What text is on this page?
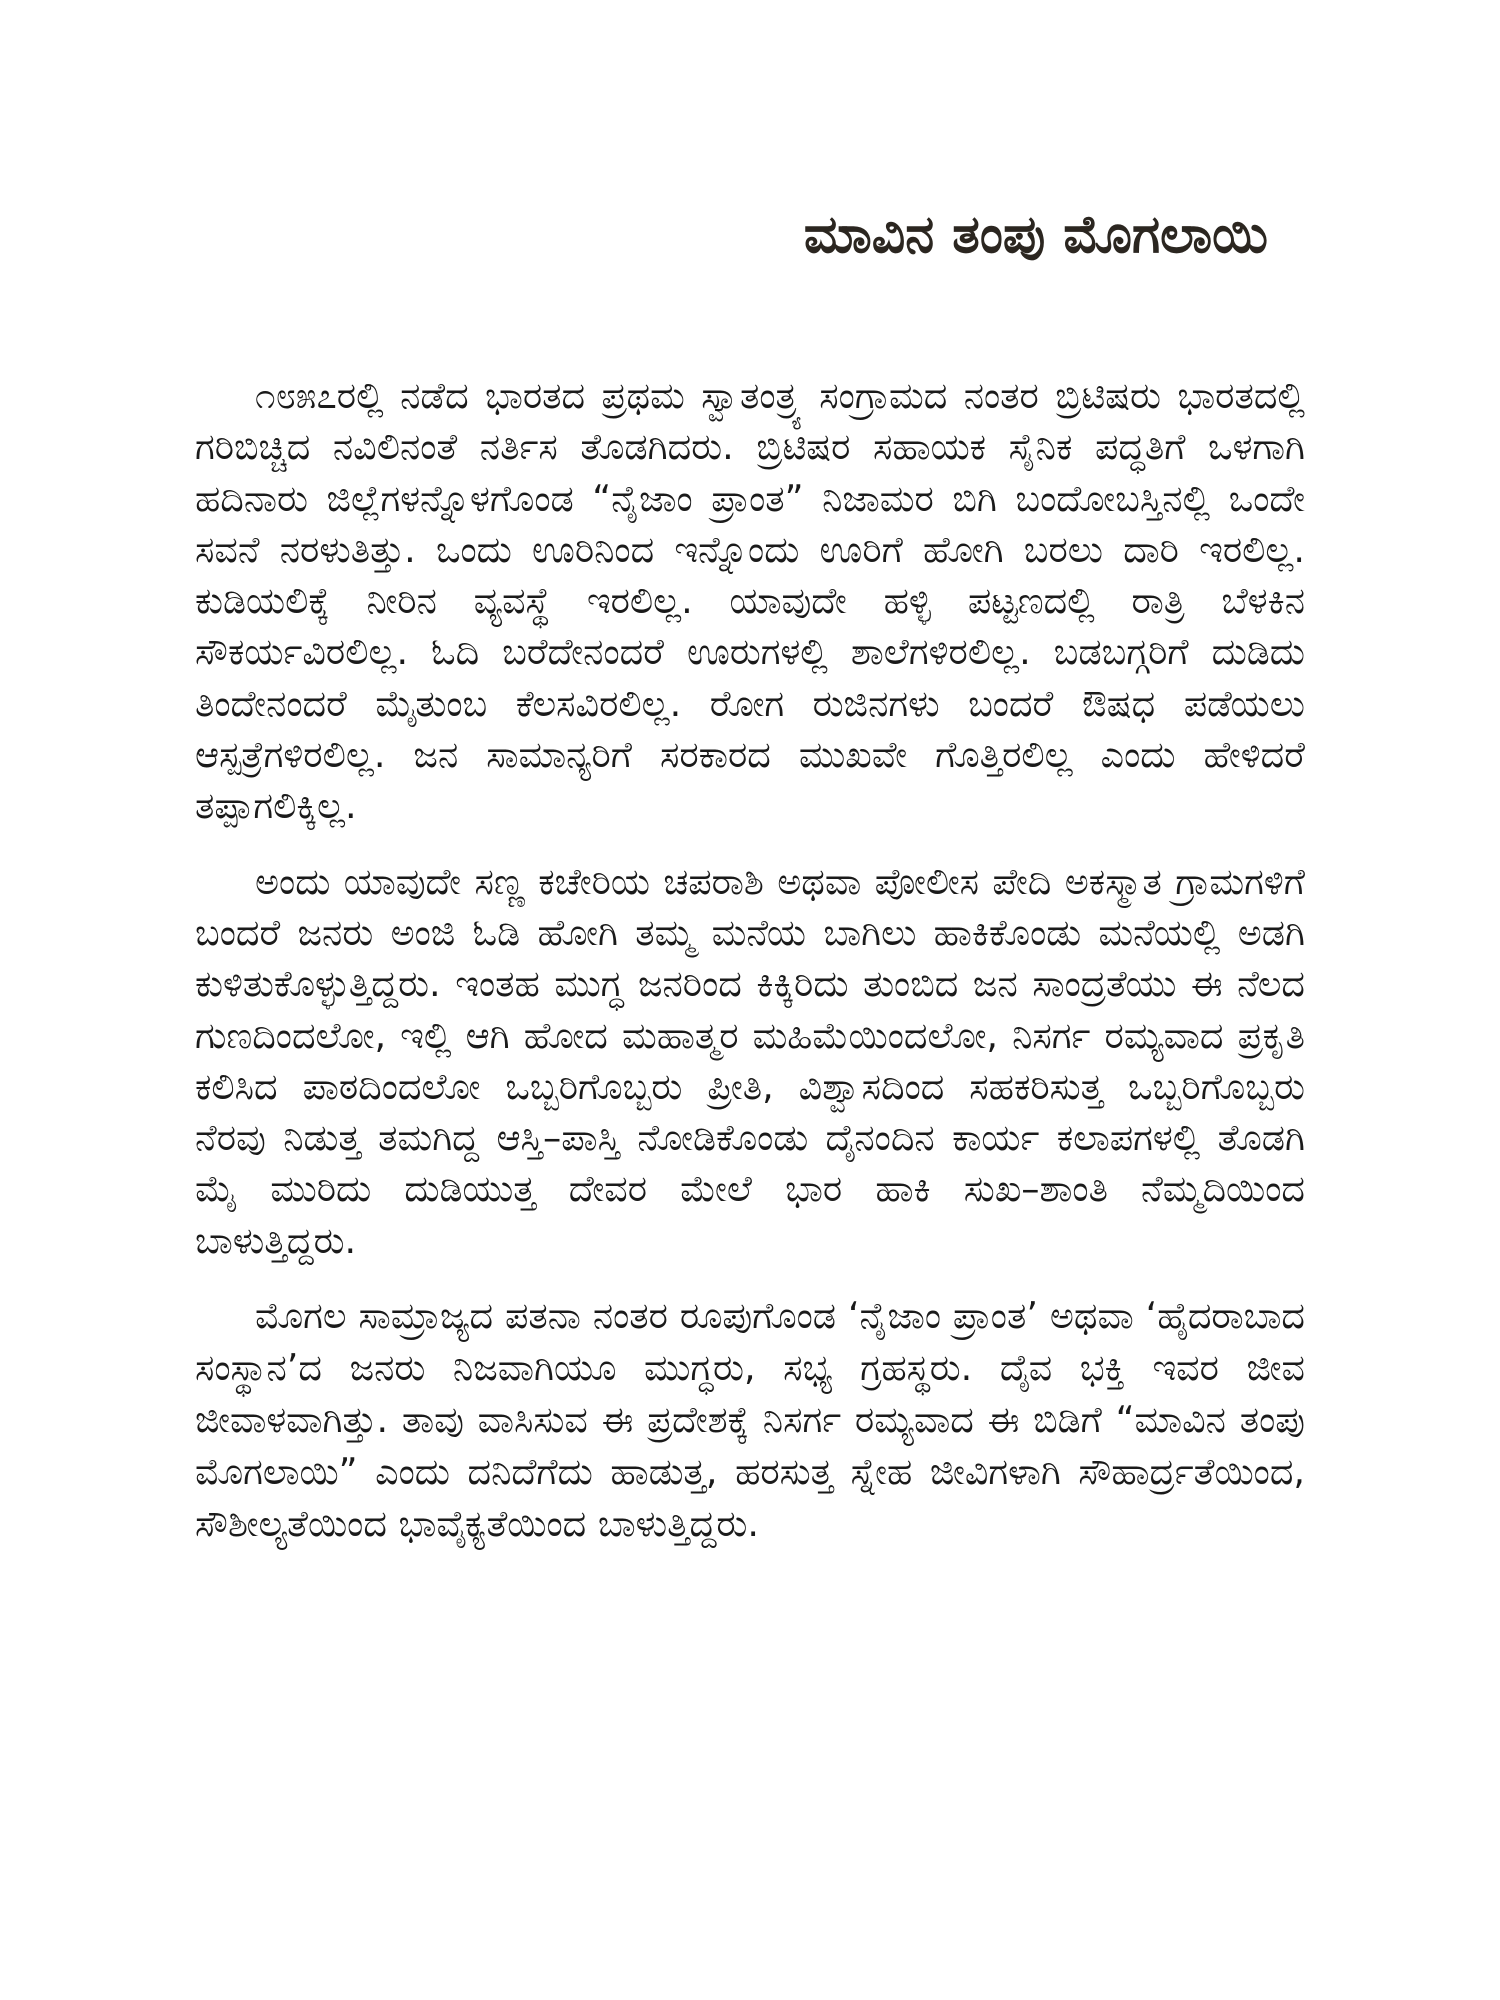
ಮಾವಿನ ತಂಪು ಮೊಗಲಾಯಿ

೧೮೫೭ರಲ್ಲಿ ನಡೆದ ಭಾರತದ ಪ್ರಥಮ ಸ್ವಾತಂತ್ರ್ಯ ಸಂಗ್ರಾಮದ ನಂತರ ಬ್ರಿಟಿಷರು ಭಾರತದಲ್ಲಿ ಗರಿಬಿಚ್ಚಿದ ನವಿಲಿನಂತೆ ನರ್ತಿಸ ತೊಡಗಿದರು. ಬ್ರಿಟಿಷರ ಸಹಾಯಕ ಸೈನಿಕ ಪದ್ಧತಿಗೆ ಒಳಗಾಗಿ ಹದಿನಾರು ಜಿಲ್ಲೆಗಳನ್ನೊಳಗೊಂಡ “ನೈಜಾಂ ಪ್ರಾಂತ” ನಿಜಾಮರ ಬಿಗಿ ಬಂದೋಬಸ್ತಿನಲ್ಲಿ ಒಂದೇ ಸವನೆ ನರಳುತಿತ್ತು. ಒಂದು ಊರಿನಿಂದ ಇನ್ನೊಂದು ಊರಿಗೆ ಹೋಗಿ ಬರಲು ದಾರಿ ಇರಲಿಲ್ಲ. ಕುಡಿಯಲಿಕ್ಕೆ ನೀರಿನ ವ್ಯವಸ್ಥೆ ಇರಲಿಲ್ಲ. ಯಾವುದೇ ಹಳ್ಳಿ ಪಟ್ಟಣದಲ್ಲಿ ರಾತ್ರಿ ಬೆಳಕಿನ ಸೌಕರ್ಯವಿರಲಿಲ್ಲ. ಓದಿ ಬರೆದೇನಂದರೆ ಊರುಗಳಲ್ಲಿ ಶಾಲೆಗಳಿರಲಿಲ್ಲ. ಬಡಬಗ್ಗರಿಗೆ ದುಡಿದು ತಿಂದೇನಂದರೆ ಮೈತುಂಬ ಕೆಲಸವಿರಲಿಲ್ಲ. ರೋಗ ರುಜಿನಗಳು ಬಂದರೆ ಔಷಧ ಪಡೆಯಲು ಆಸ್ಪತ್ರೆಗಳಿರಲಿಲ್ಲ. ಜನ ಸಾಮಾನ್ಯರಿಗೆ ಸರಕಾರದ ಮುಖವೇ ಗೊತ್ತಿರಲಿಲ್ಲ ಎಂದು ಹೇಳಿದರೆ ತಪ್ಪಾಗಲಿಕ್ಕಿಲ್ಲ.

ಅಂದು ಯಾವುದೇ ಸಣ್ಣ ಕಚೇರಿಯ ಚಪರಾಶಿ ಅಥವಾ ಪೋಲೀಸ ಪೇದಿ ಅಕಸ್ಮಾತ ಗ್ರಾಮಗಳಿಗೆ ಬಂದರೆ ಜನರು ಅಂಜಿ ಓಡಿ ಹೋಗಿ ತಮ್ಮ ಮನೆಯ ಬಾಗಿಲು ಹಾಕಿಕೊಂಡು ಮನೆಯಲ್ಲಿ ಅಡಗಿ ಕುಳಿತುಕೊಳ್ಳುತ್ತಿದ್ದರು. ಇಂತಹ ಮುಗ್ಧ ಜನರಿಂದ ಕಿಕ್ಕಿರಿದು ತುಂಬಿದ ಜನ ಸಾಂದ್ರತೆಯು ಈ ನೆಲದ ಗುಣದಿಂದಲೋ, ಇಲ್ಲಿ ಆಗಿ ಹೋದ ಮಹಾತ್ಮರ ಮಹಿಮೆಯಿಂದಲೋ, ನಿಸರ್ಗ ರಮ್ಯವಾದ ಪ್ರಕೃತಿ ಕಲಿಸಿದ ಪಾಠದಿಂದಲೋ ಒಬ್ಬರಿಗೊಬ್ಬರು ಪ್ರೀತಿ, ವಿಶ್ವಾಸದಿಂದ ಸಹಕರಿಸುತ್ತ ಒಬ್ಬರಿಗೊಬ್ಬರು ನೆರವು ನಿಡುತ್ತ ತಮಗಿದ್ದ ಆಸ್ತಿ–ಪಾಸ್ತಿ ನೋಡಿಕೊಂಡು ದೈನಂದಿನ ಕಾರ್ಯ ಕಲಾಪಗಳಲ್ಲಿ ತೊಡಗಿ ಮೈ ಮುರಿದು ದುಡಿಯುತ್ತ ದೇವರ ಮೇಲೆ ಭಾರ ಹಾಕಿ ಸುಖ–ಶಾಂತಿ ನೆಮ್ಮದಿಯಿಂದ ಬಾಳುತ್ತಿದ್ದರು.

ಮೊಗಲ ಸಾಮ್ರಾಜ್ಯದ ಪತನಾ ನಂತರ ರೂಪುಗೊಂಡ ‘ನೈಜಾಂ ಪ್ರಾಂತ’ ಅಥವಾ ‘ಹೈದರಾಬಾದ ಸಂಸ್ಥಾನ’ದ ಜನರು ನಿಜವಾಗಿಯೂ ಮುಗ್ಧರು, ಸಭ್ಯ ಗ್ರಹಸ್ಥರು. ದೈವ ಭಕ್ತಿ ಇವರ ಜೀವ ಜೀವಾಳವಾಗಿತ್ತು. ತಾವು ವಾಸಿಸುವ ಈ ಪ್ರದೇಶಕ್ಕೆ ನಿಸರ್ಗ ರಮ್ಯವಾದ ಈ ಬಿಡಿಗೆ “ಮಾವಿನ ತಂಪು ಮೊಗಲಾಯಿ” ಎಂದು ದನಿದೆಗೆದು ಹಾಡುತ್ತ, ಹರಸುತ್ತ ಸ್ನೇಹ ಜೀವಿಗಳಾಗಿ ಸೌಹಾರ್ದ್ರತೆಯಿಂದ, ಸೌಶೀಲ್ಯತೆಯಿಂದ ಭಾವೈಕ್ಯತೆಯಿಂದ ಬಾಳುತ್ತಿದ್ದರು.
